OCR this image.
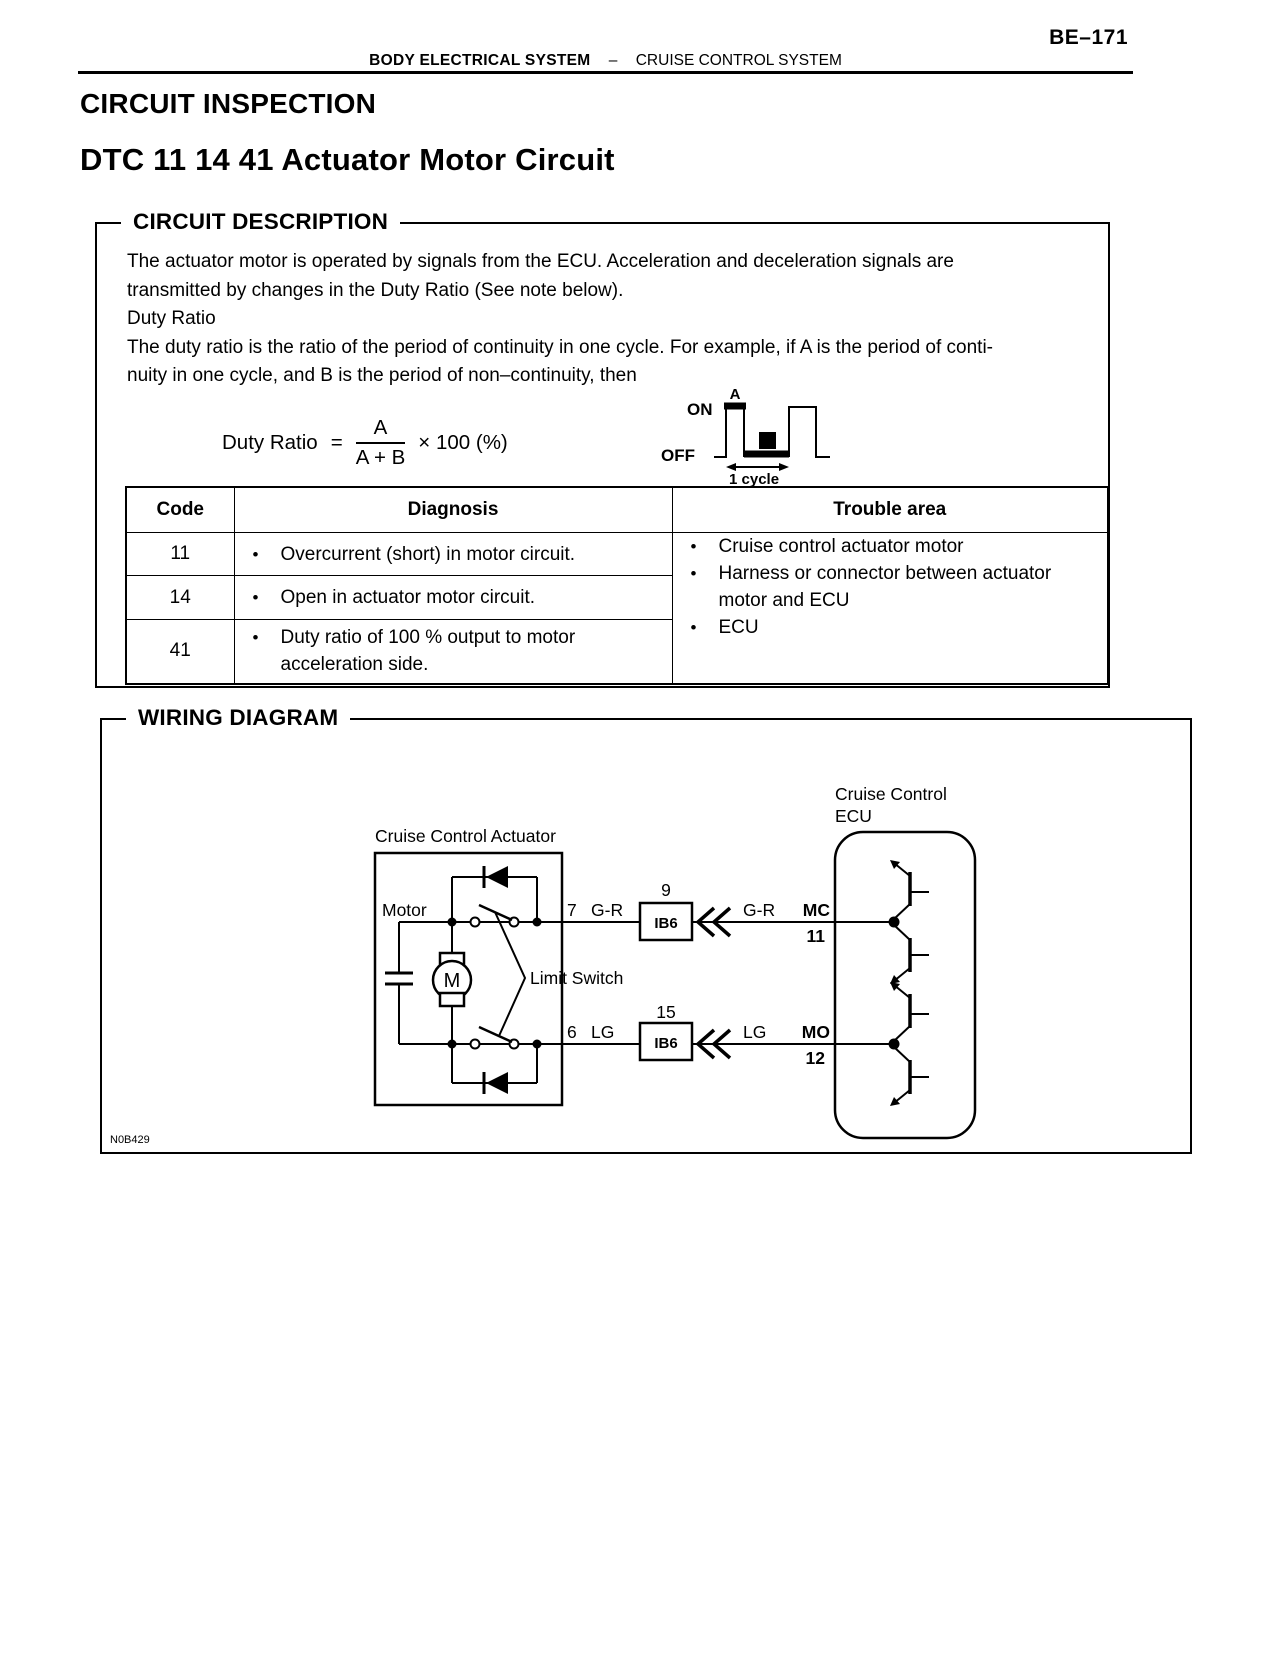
BE–171
BODY ELECTRICAL SYSTEM – CRUISE CONTROL SYSTEM
CIRCUIT INSPECTION
DTC 11 14 41 Actuator Motor Circuit
CIRCUIT DESCRIPTION
The actuator motor is operated by signals from the ECU. Acceleration and deceleration signals are
transmitted by changes in the Duty Ratio (See note below).
Duty Ratio
The duty ratio is the ratio of the period of continuity in one cycle. For example, if A is the period of conti-
nuity in one cycle, and B is the period of non–continuity, then
Duty Ratio = $\frac{A}{A + B} \times 100$ (%)
ON
OFF
A
B
1 cycle
Code	Diagnosis	Trouble area
11	•	Overcurrent (short) in motor circuit.	•	Cruise control actuator motor
•	Harness or connector between actuator motor and ECU
•	ECU

14	• Open in actuator motor circuit.	

41	• Duty ratio of 100 % output to motor acceleration side.	
WIRING DIAGRAM
Cruise Control Actuator
Motor
M	Limit Switch
7 G-R
9
IB6
G-R MC
11
6 LG
15
IB6
LG MO
12
Cruise Control
ECU
N0B429
